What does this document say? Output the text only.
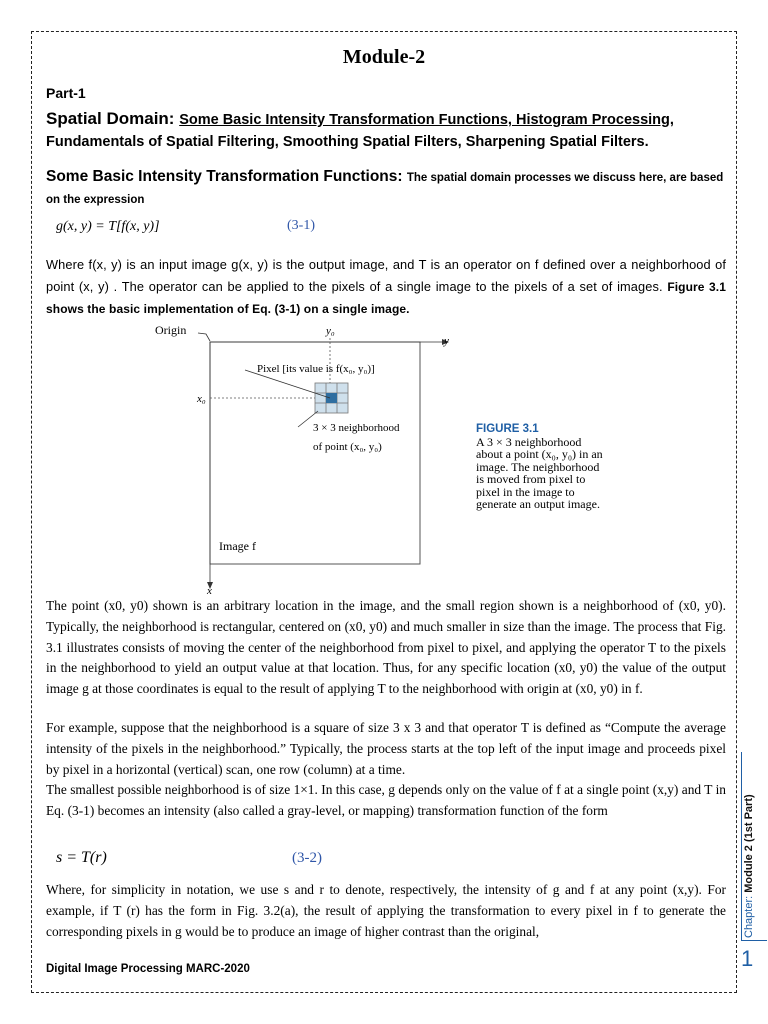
Module-2
Part-1
Spatial Domain: Some Basic Intensity Transformation Functions, Histogram Processing,
Fundamentals of Spatial Filtering, Smoothing Spatial Filters, Sharpening Spatial Filters.
Some Basic Intensity Transformation Functions: The spatial domain processes we discuss here, are based on the expression
g(x, y) = T[f(x, y)]	(3-1)
Where f(x, y) is an input image g(x, y) is the output image, and T is an operator on f defined over a neighborhood of point (x, y) . The operator can be applied to the pixels of a single image to the pixels of a set of images. Figure 3.1 shows the basic implementation of Eq. (3-1) on a single image.
Origin	y₀
y
x₀
x
Pixel [its value is f(x₀, y₀)]
3 × 3 neighborhood
of point (x₀, y₀)
Image f
FIGURE 3.1
A 3 × 3 neighborhood about a point (x₀, y₀) in an image. The neighborhood is moved from pixel to pixel in the image to generate an output image.
The point (x0, y0) shown is an arbitrary location in the image, and the small region shown is a neighborhood of (x0, y0). Typically, the neighborhood is rectangular, centered on (x0, y0) and much smaller in size than the image. The process that Fig. 3.1 illustrates consists of moving the center of the neighborhood from pixel to pixel, and applying the operator T to the pixels in the neighborhood to yield an output value at that location. Thus, for any specific location (x0, y0) the value of the output image g at those coordinates is equal to the result of applying T to the neighborhood with origin at (x0, y0) in f.
For example, suppose that the neighborhood is a square of size 3 x 3 and that operator T is defined as “Compute the average intensity of the pixels in the neighborhood.” Typically, the process starts at the top left of the input image and proceeds pixel by pixel in a horizontal (vertical) scan, one row (column) at a time.
The smallest possible neighborhood is of size 1×1. In this case, g depends only on the value of f at a single point (x,y) and T in Eq. (3-1) becomes an intensity (also called a gray-level, or mapping) transformation function of the form
s = T(r)	(3-2)
Where, for simplicity in notation, we use s and r to denote, respectively, the intensity of g and f at any point (x,y). For example, if T (r) has the form in Fig. 3.2(a), the result of applying the transformation to every pixel in f to generate the corresponding pixels in g would be to produce an image of higher contrast than the original,
Digital Image Processing MARC-2020
Chapter: Module 2 (1st Part)
1
